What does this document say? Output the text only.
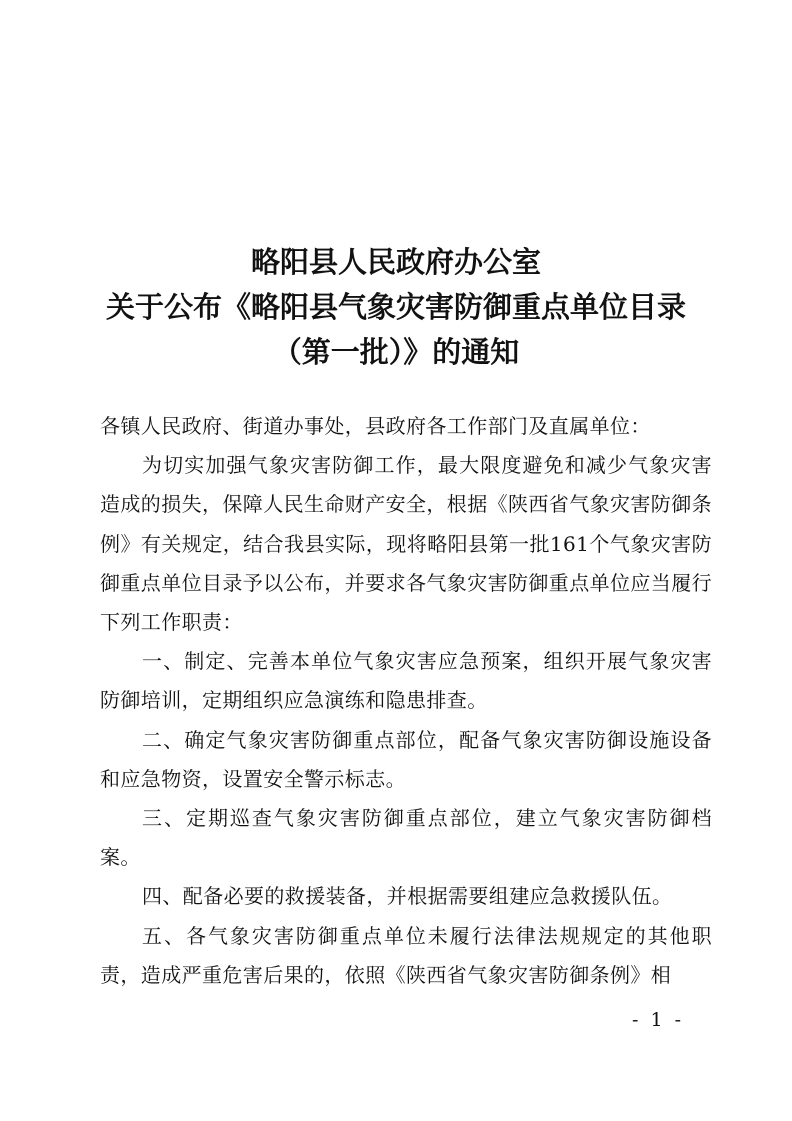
略阳县人民政府办公室
关于公布《略阳县气象灾害防御重点单位目录
（第一批）》的通知

各镇人民政府、街道办事处，县政府各工作部门及直属单位：

为切实加强气象灾害防御工作，最大限度避免和减少气象灾害造成的损失，保障人民生命财产安全，根据《陕西省气象灾害防御条例》有关规定，结合我县实际，现将略阳县第一批161个气象灾害防御重点单位目录予以公布，并要求各气象灾害防御重点单位应当履行下列工作职责：

一、制定、完善本单位气象灾害应急预案，组织开展气象灾害防御培训，定期组织应急演练和隐患排查。

二、确定气象灾害防御重点部位，配备气象灾害防御设施设备和应急物资，设置安全警示标志。

三、定期巡查气象灾害防御重点部位，建立气象灾害防御档案。

四、配备必要的救援装备，并根据需要组建应急救援队伍。

五、各气象灾害防御重点单位未履行法律法规规定的其他职责，造成严重危害后果的，依照《陕西省气象灾害防御条例》相

- 1 -
